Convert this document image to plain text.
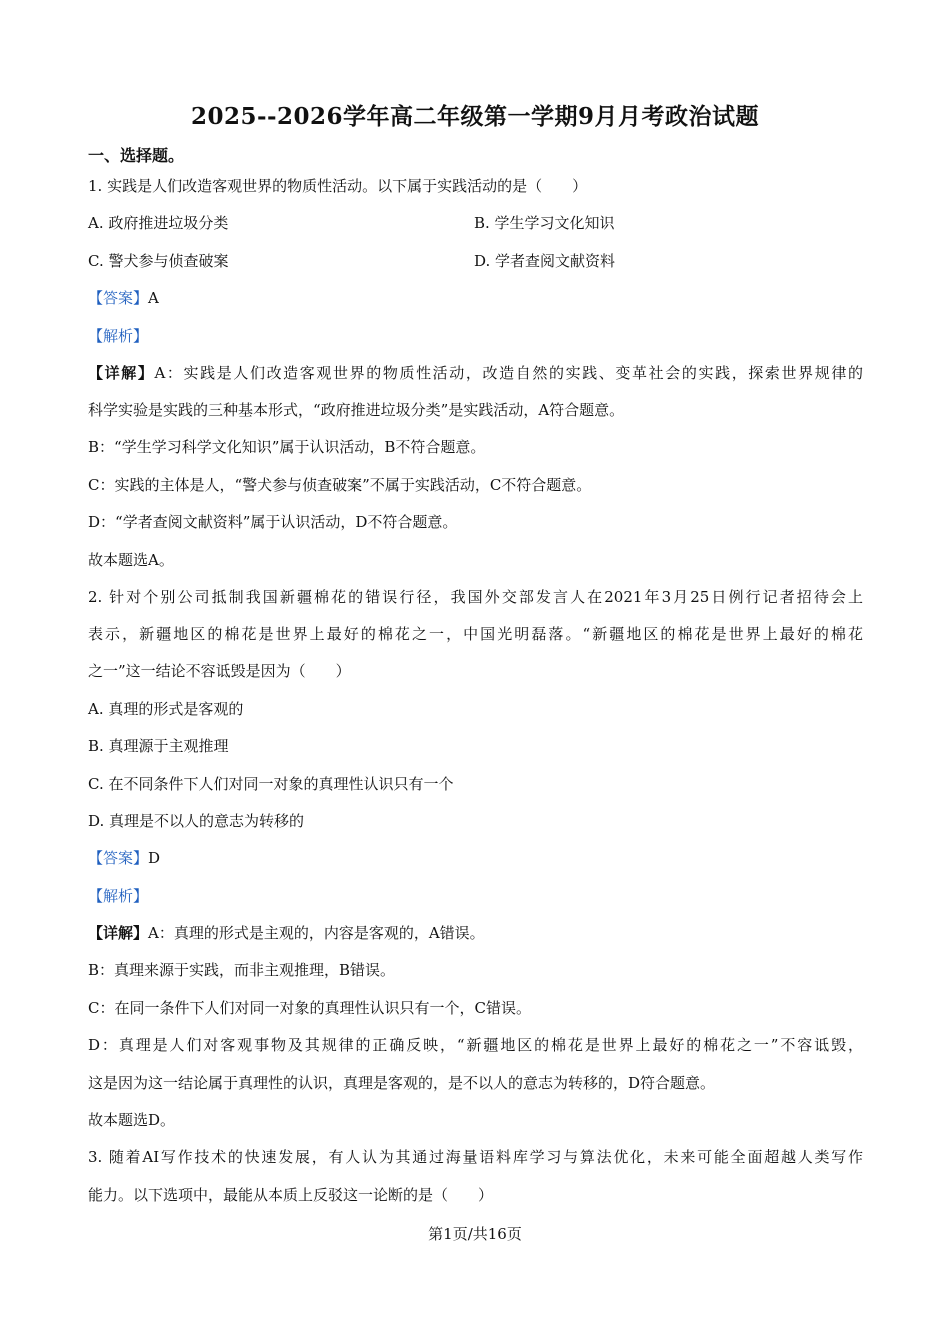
2025--2026学年高二年级第一学期9月月考政治试题
一、选择题。
1. 实践是人们改造客观世界的物质性活动。以下属于实践活动的是（　　）
A. 政府推进垃圾分类	B. 学生学习文化知识
C. 警犬参与侦查破案	D. 学者查阅文献资料
【答案】A
【解析】
【详解】A：实践是人们改造客观世界的物质性活动，改造自然的实践、变革社会的实践，探索世界规律的
科学实验是实践的三种基本形式，“政府推进垃圾分类”是实践活动，A符合题意。
B：“学生学习科学文化知识”属于认识活动，B不符合题意。
C：实践的主体是人，“警犬参与侦查破案”不属于实践活动，C不符合题意。
D：“学者查阅文献资料”属于认识活动，D不符合题意。
故本题选A。
2. 针对个别公司抵制我国新疆棉花的错误行径，我国外交部发言人在2021年3月25日例行记者招待会上
表示，新疆地区的棉花是世界上最好的棉花之一，中国光明磊落。“新疆地区的棉花是世界上最好的棉花
之一”这一结论不容诋毁是因为（　　）
A. 真理的形式是客观的
B. 真理源于主观推理
C. 在不同条件下人们对同一对象的真理性认识只有一个
D. 真理是不以人的意志为转移的
【答案】D
【解析】
【详解】A：真理的形式是主观的，内容是客观的，A错误。
B：真理来源于实践，而非主观推理，B错误。
C：在同一条件下人们对同一对象的真理性认识只有一个，C错误。
D：真理是人们对客观事物及其规律的正确反映，“新疆地区的棉花是世界上最好的棉花之一”不容诋毁，
这是因为这一结论属于真理性的认识，真理是客观的，是不以人的意志为转移的，D符合题意。
故本题选D。
3. 随着AI写作技术的快速发展，有人认为其通过海量语料库学习与算法优化，未来可能全面超越人类写作
能力。以下选项中，最能从本质上反驳这一论断的是（　　）
第1页/共16页
